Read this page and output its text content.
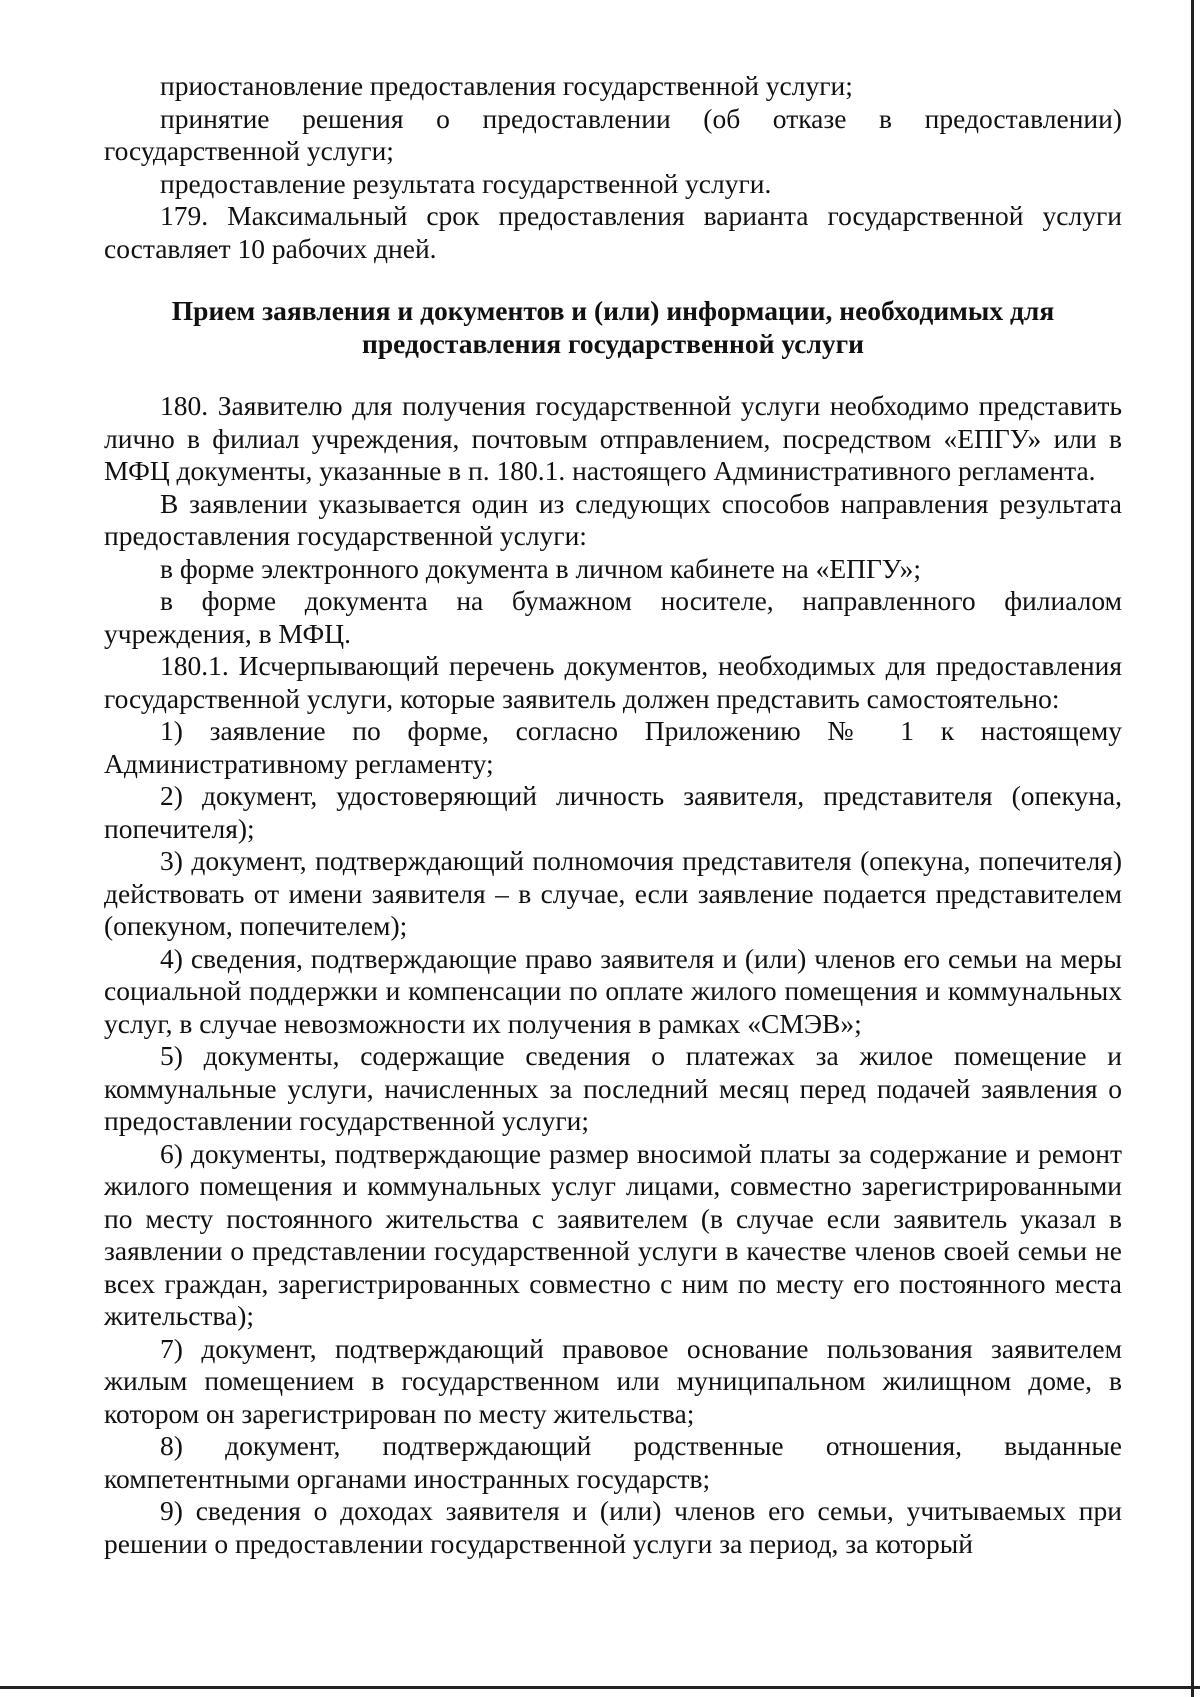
приостановление предоставления государственной услуги;

принятие решения о предоставлении (об отказе в предоставлении) государственной услуги;

предоставление результата государственной услуги.

179. Максимальный срок предоставления варианта государственной услуги составляет 10 рабочих дней.

Прием заявления и документов и (или) информации, необходимых для предоставления государственной услуги

180. Заявителю для получения государственной услуги необходимо представить лично в филиал учреждения, почтовым отправлением, посредством «ЕПГУ» или в МФЦ документы, указанные в п. 180.1. настоящего Административного регламента.

В заявлении указывается один из следующих способов направления результата предоставления государственной услуги:

в форме электронного документа в личном кабинете на «ЕПГУ»;

в форме документа на бумажном носителе, направленного филиалом учреждения, в МФЦ.

180.1. Исчерпывающий перечень документов, необходимых для предоставления государственной услуги, которые заявитель должен представить самостоятельно:

1) заявление по форме, согласно Приложению № 1 к настоящему Административному регламенту;

2) документ, удостоверяющий личность заявителя, представителя (опекуна, попечителя);

3) документ, подтверждающий полномочия представителя (опекуна, попечителя) действовать от имени заявителя – в случае, если заявление подается представителем (опекуном, попечителем);

4) сведения, подтверждающие право заявителя и (или) членов его семьи на меры социальной поддержки и компенсации по оплате жилого помещения и коммунальных услуг, в случае невозможности их получения в рамках «СМЭВ»;

5) документы, содержащие сведения о платежах за жилое помещение и коммунальные услуги, начисленных за последний месяц перед подачей заявления о предоставлении государственной услуги;

6) документы, подтверждающие размер вносимой платы за содержание и ремонт жилого помещения и коммунальных услуг лицами, совместно зарегистрированными по месту постоянного жительства с заявителем (в случае если заявитель указал в заявлении о представлении государственной услуги в качестве членов своей семьи не всех граждан, зарегистрированных совместно с ним по месту его постоянного места жительства);

7) документ, подтверждающий правовое основание пользования заявителем жилым помещением в государственном или муниципальном жилищном доме, в котором он зарегистрирован по месту жительства;

8) документ, подтверждающий родственные отношения, выданные компетентными органами иностранных государств;

9) сведения о доходах заявителя и (или) членов его семьи, учитываемых при решении о предоставлении государственной услуги за период, за который
